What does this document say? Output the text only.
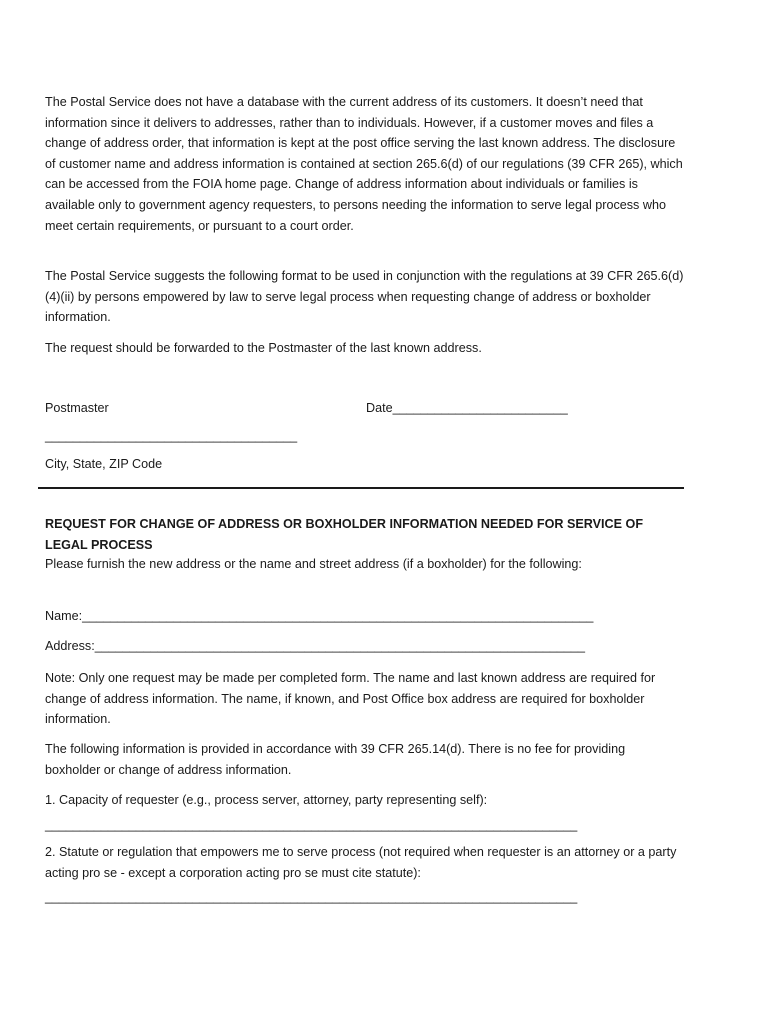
The Postal Service does not have a database with the current address of its customers. It doesn’t need that information since it delivers to addresses, rather than to individuals. However, if a customer moves and files a change of address order, that information is kept at the post office serving the last known address. The disclosure of customer name and address information is contained at section 265.6(d) of our regulations (39 CFR 265), which can be accessed from the FOIA home page. Change of address information about individuals or families is available only to government agency requesters, to persons needing the information to serve legal process who meet certain requirements, or pursuant to a court order.

The Postal Service suggests the following format to be used in conjunction with the regulations at 39 CFR 265.6(d)(4)(ii) by persons empowered by law to serve legal process when requesting change of address or boxholder information.

The request should be forwarded to the Postmaster of the last known address.

Postmaster	Date_________________________

____________________________________

City, State, ZIP Code

REQUEST FOR CHANGE OF ADDRESS OR BOXHOLDER INFORMATION NEEDED FOR SERVICE OF LEGAL PROCESS

Please furnish the new address or the name and street address (if a boxholder) for the following:

Name:_________________________________________________________________________

Address:______________________________________________________________________

Note: Only one request may be made per completed form. The name and last known address are required for change of address information. The name, if known, and Post Office box address are required for boxholder information.

The following information is provided in accordance with 39 CFR 265.14(d). There is no fee for providing boxholder or change of address information.

1. Capacity of requester (e.g., process server, attorney, party representing self):

____________________________________________________________________________

2. Statute or regulation that empowers me to serve process (not required when requester is an attorney or a party acting pro se - except a corporation acting pro se must cite statute):

____________________________________________________________________________
